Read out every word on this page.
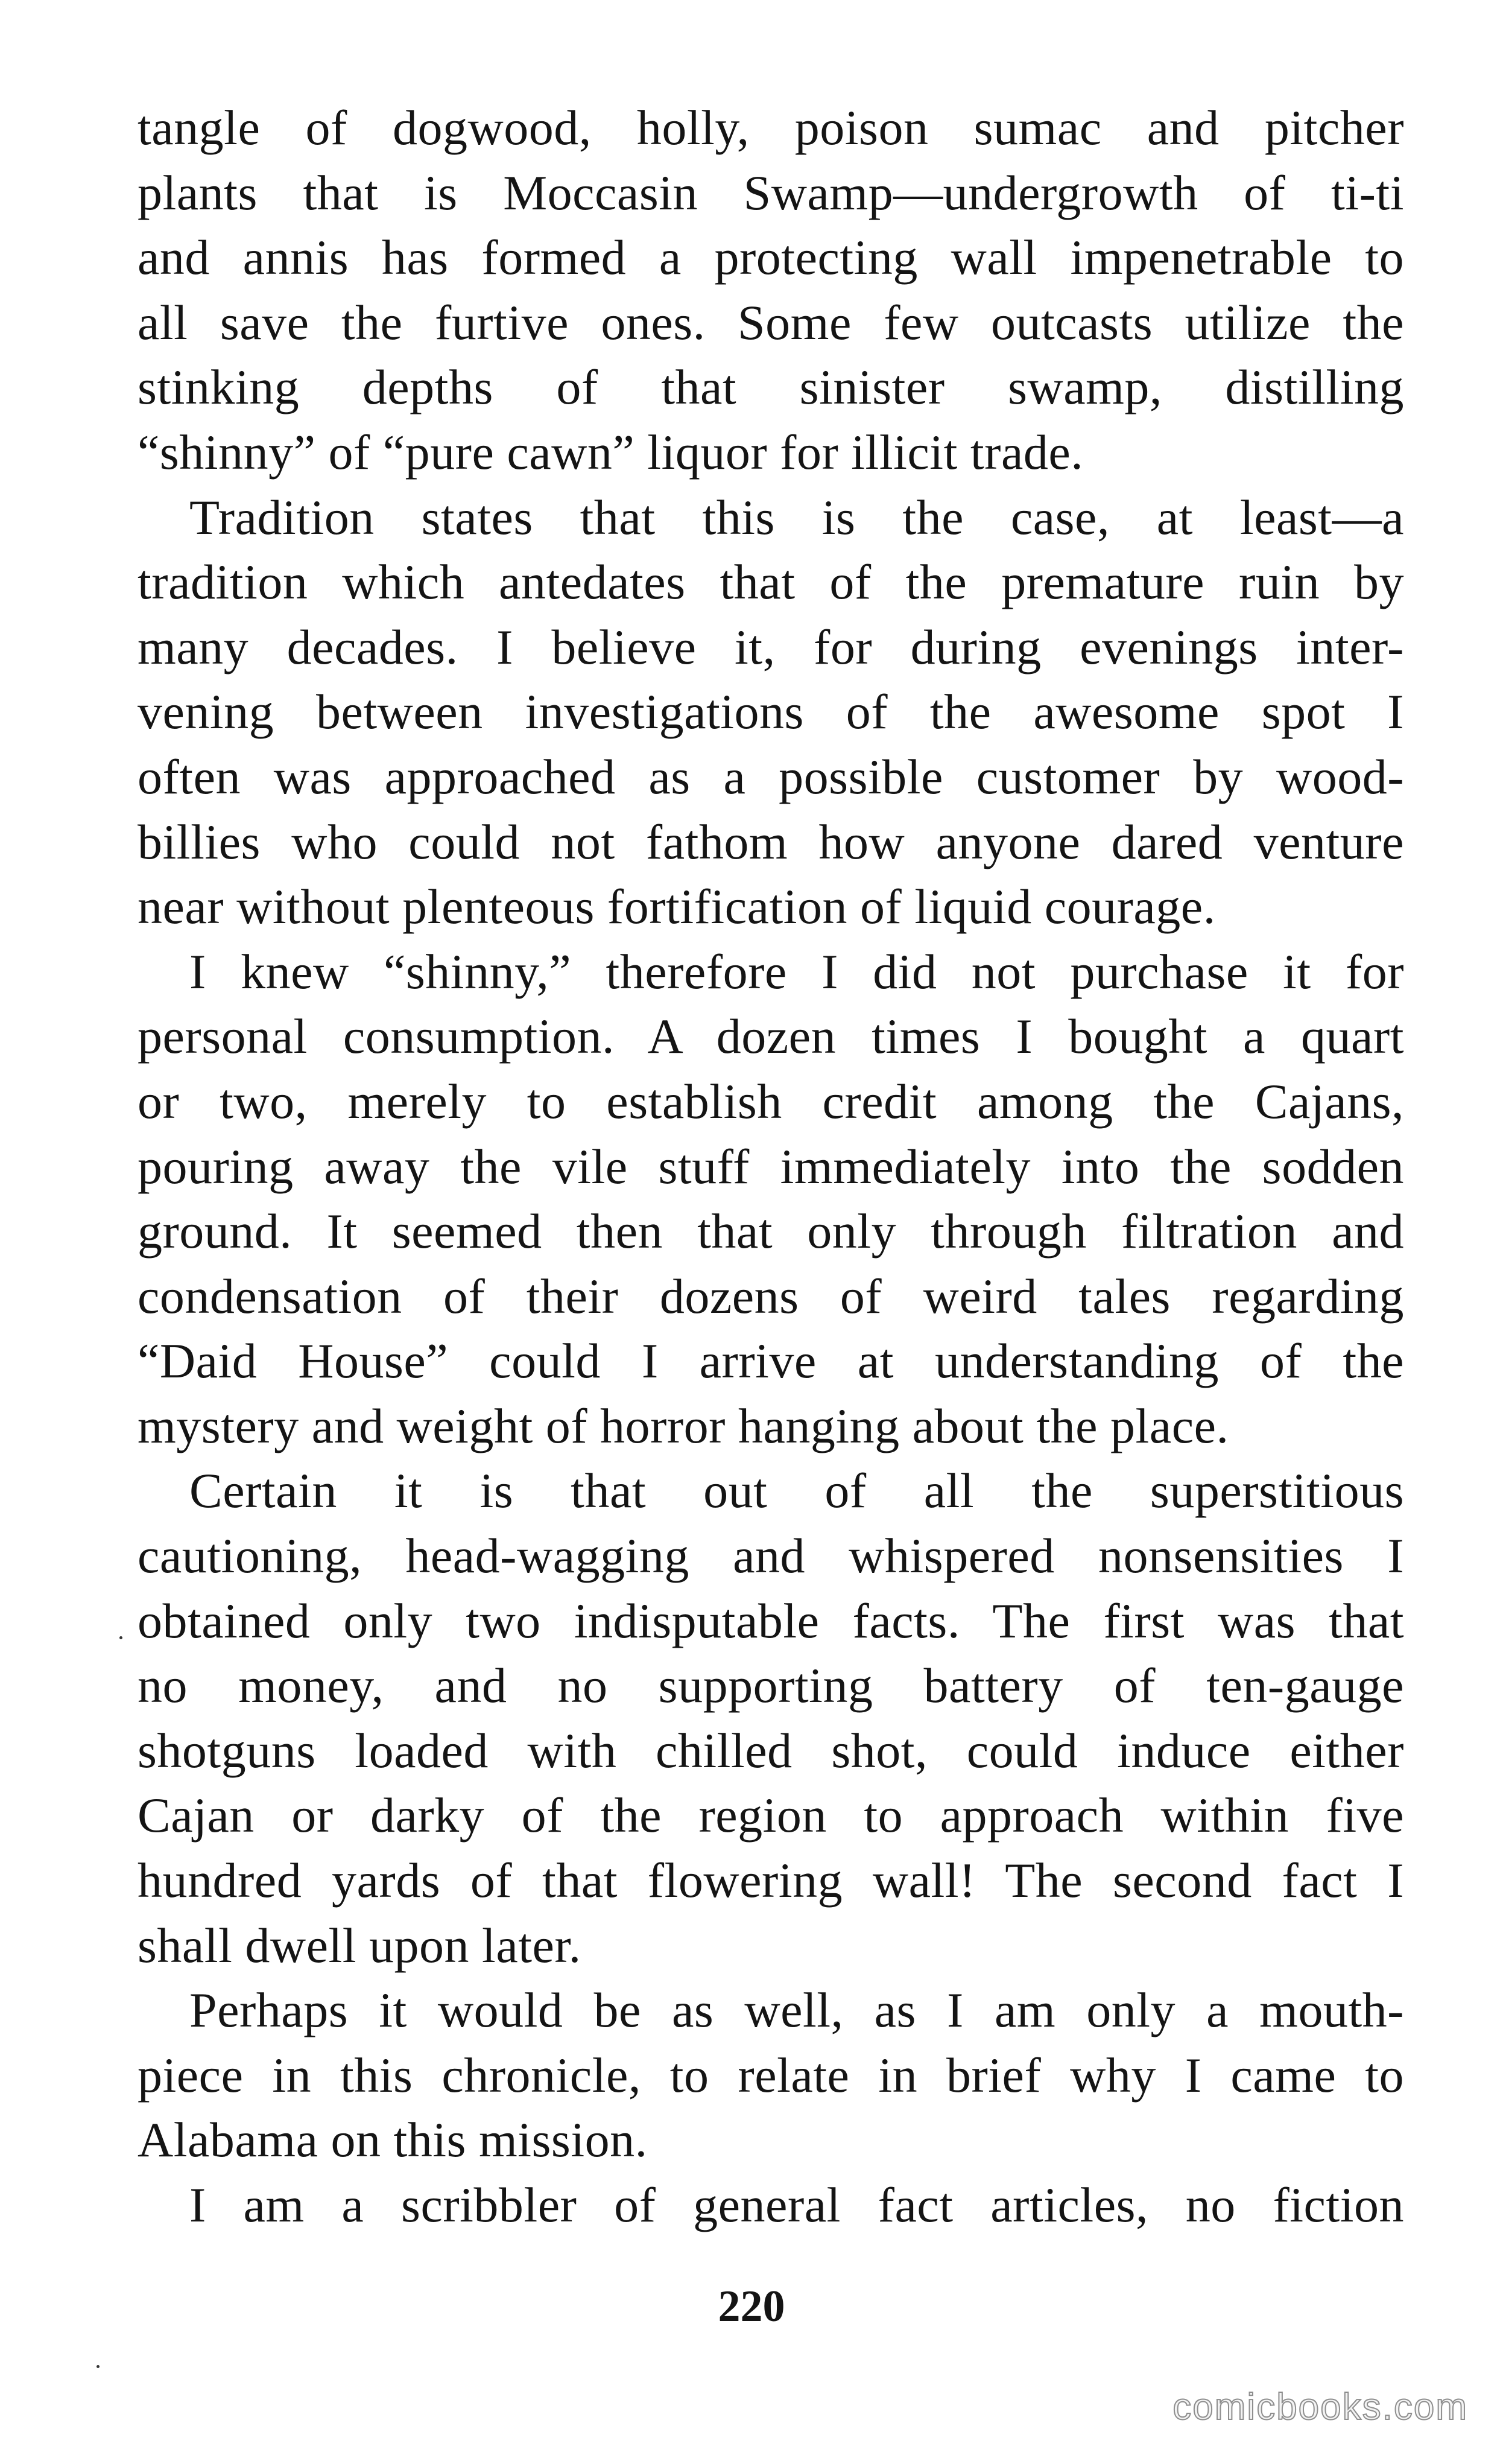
tangle of dogwood, holly, poison sumac and pitcher
plants that is Moccasin Swamp—undergrowth of ti-ti
and annis has formed a protecting wall impenetrable to
all save the furtive ones. Some few outcasts utilize the
stinking depths of that sinister swamp, distilling
“shinny” of “pure cawn” liquor for illicit trade.
Tradition states that this is the case, at least—a
tradition which antedates that of the premature ruin by
many decades. I believe it, for during evenings inter-
vening between investigations of the awesome spot I
often was approached as a possible customer by wood-
billies who could not fathom how anyone dared venture
near without plenteous fortification of liquid courage.
I knew “shinny,” therefore I did not purchase it for
personal consumption. A dozen times I bought a quart
or two, merely to establish credit among the Cajans,
pouring away the vile stuff immediately into the sodden
ground. It seemed then that only through filtration and
condensation of their dozens of weird tales regarding
“Daid House” could I arrive at understanding of the
mystery and weight of horror hanging about the place.
Certain it is that out of all the superstitious
cautioning, head-wagging and whispered nonsensities I
obtained only two indisputable facts. The first was that
no money, and no supporting battery of ten-gauge
shotguns loaded with chilled shot, could induce either
Cajan or darky of the region to approach within five
hundred yards of that flowering wall! The second fact I
shall dwell upon later.
Perhaps it would be as well, as I am only a mouth-
piece in this chronicle, to relate in brief why I came to
Alabama on this mission.
I am a scribbler of general fact articles, no fiction
220
comicbooks.com
